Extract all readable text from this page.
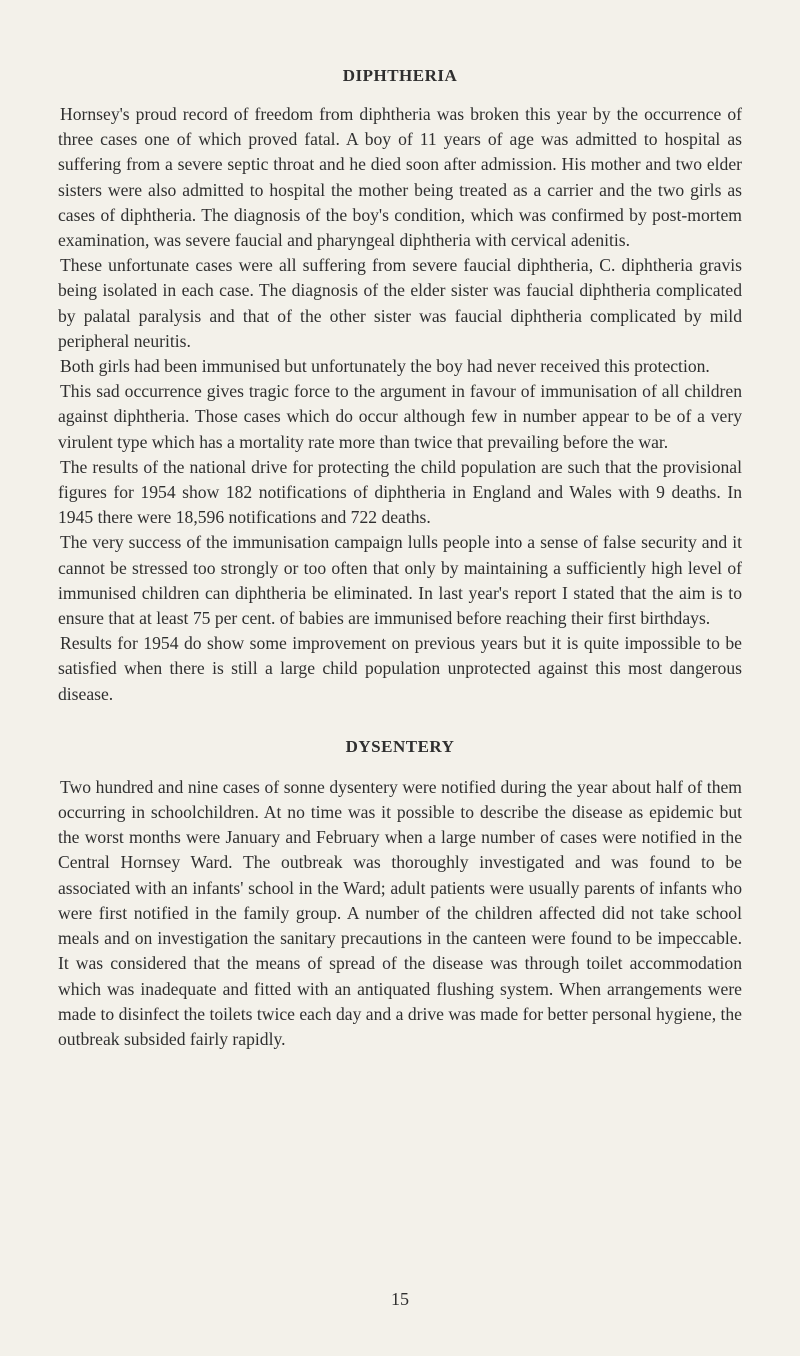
DIPHTHERIA

Hornsey's proud record of freedom from diphtheria was broken this year by the occurrence of three cases one of which proved fatal. A boy of 11 years of age was admitted to hospital as suffering from a severe septic throat and he died soon after admission. His mother and two elder sisters were also admitted to hospital the mother being treated as a carrier and the two girls as cases of diphtheria. The diagnosis of the boy's condition, which was confirmed by post-mortem examination, was severe faucial and pharyngeal diphtheria with cervical adenitis.

These unfortunate cases were all suffering from severe faucial diphtheria, C. diphtheria gravis being isolated in each case. The diagnosis of the elder sister was faucial diphtheria complicated by palatal paralysis and that of the other sister was faucial diphtheria complicated by mild peripheral neuritis.

Both girls had been immunised but unfortunately the boy had never received this protection.

This sad occurrence gives tragic force to the argument in favour of immunisation of all children against diphtheria. Those cases which do occur although few in number appear to be of a very virulent type which has a mortality rate more than twice that prevailing before the war.

The results of the national drive for protecting the child population are such that the provisional figures for 1954 show 182 notifications of diphtheria in England and Wales with 9 deaths. In 1945 there were 18,596 notifications and 722 deaths.

The very success of the immunisation campaign lulls people into a sense of false security and it cannot be stressed too strongly or too often that only by maintaining a sufficiently high level of immunised children can diphtheria be eliminated. In last year's report I stated that the aim is to ensure that at least 75 per cent. of babies are immunised before reaching their first birthdays.

Results for 1954 do show some improvement on previous years but it is quite impossible to be satisfied when there is still a large child population unprotected against this most dangerous disease.

DYSENTERY

Two hundred and nine cases of sonne dysentery were notified during the year about half of them occurring in schoolchildren. At no time was it possible to describe the disease as epidemic but the worst months were January and February when a large number of cases were notified in the Central Hornsey Ward. The outbreak was thoroughly investigated and was found to be associated with an infants' school in the Ward; adult patients were usually parents of infants who were first notified in the family group. A number of the children affected did not take school meals and on investigation the sanitary precautions in the canteen were found to be impeccable. It was considered that the means of spread of the disease was through toilet accommodation which was inadequate and fitted with an antiquated flushing system. When arrangements were made to disinfect the toilets twice each day and a drive was made for better personal hygiene, the outbreak subsided fairly rapidly.

15
